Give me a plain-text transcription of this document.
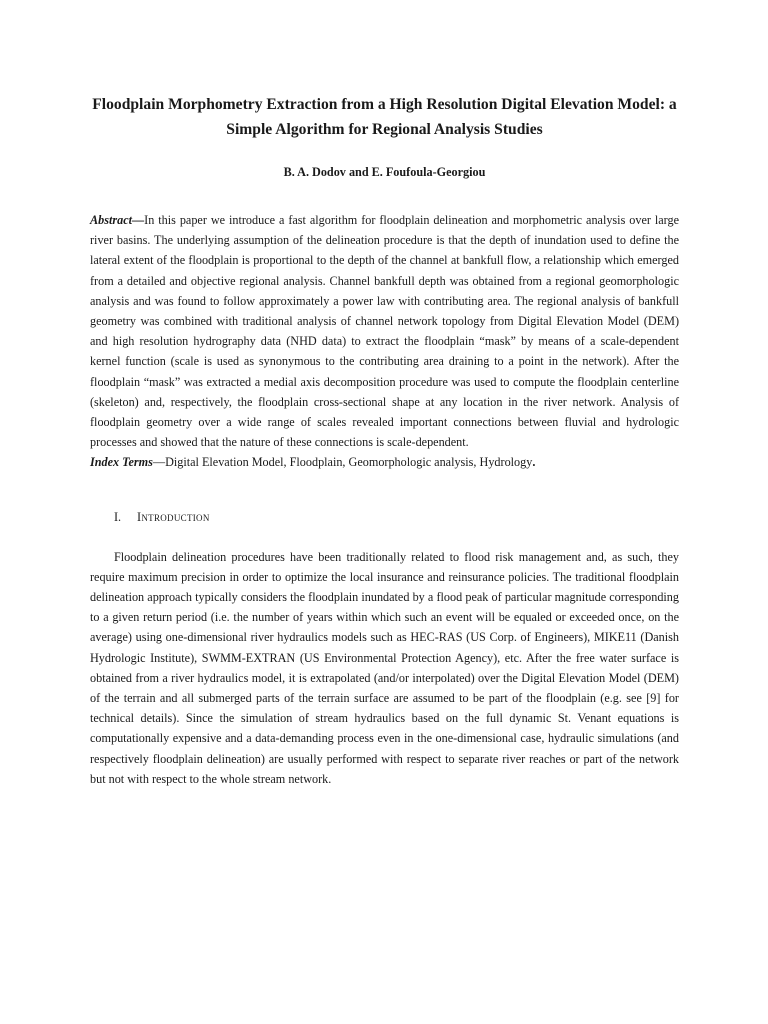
Floodplain Morphometry Extraction from a High Resolution Digital Elevation Model: a Simple Algorithm for Regional Analysis Studies
B. A. Dodov and E. Foufoula-Georgiou

Abstract—In this paper we introduce a fast algorithm for floodplain delineation and morphometric analysis over large river basins. The underlying assumption of the delineation procedure is that the depth of inundation used to define the lateral extent of the floodplain is proportional to the depth of the channel at bankfull flow, a relationship which emerged from a detailed and objective regional analysis. Channel bankfull depth was obtained from a regional geomorphologic analysis and was found to follow approximately a power law with contributing area. The regional analysis of bankfull geometry was combined with traditional analysis of channel network topology from Digital Elevation Model (DEM) and high resolution hydrography data (NHD data) to extract the floodplain “mask” by means of a scale-dependent kernel function (scale is used as synonymous to the contributing area draining to a point in the network). After the floodplain “mask” was extracted a medial axis decomposition procedure was used to compute the floodplain centerline (skeleton) and, respectively, the floodplain cross-sectional shape at any location in the river network. Analysis of floodplain geometry over a wide range of scales revealed important connections between fluvial and hydrologic processes and showed that the nature of these connections is scale-dependent.

Index Terms—Digital Elevation Model, Floodplain, Geomorphologic analysis, Hydrology.

I.	Introduction

Floodplain delineation procedures have been traditionally related to flood risk management and, as such, they require maximum precision in order to optimize the local insurance and reinsurance policies. The traditional floodplain delineation approach typically considers the floodplain inundated by a flood peak of particular magnitude corresponding to a given return period (i.e. the number of years within which such an event will be equaled or exceeded once, on the average) using one-dimensional river hydraulics models such as HEC-RAS (US Corp. of Engineers), MIKE11 (Danish Hydrologic Institute), SWMM-EXTRAN (US Environmental Protection Agency), etc. After the free water surface is obtained from a river hydraulics model, it is extrapolated (and/or interpolated) over the Digital Elevation Model (DEM) of the terrain and all submerged parts of the terrain surface are assumed to be part of the floodplain (e.g. see [9] for technical details). Since the simulation of stream hydraulics based on the full dynamic St. Venant equations is computationally expensive and a data-demanding process even in the one-dimensional case, hydraulic simulations (and respectively floodplain delineation) are usually performed with respect to separate river reaches or part of the network but not with respect to the whole stream network.
